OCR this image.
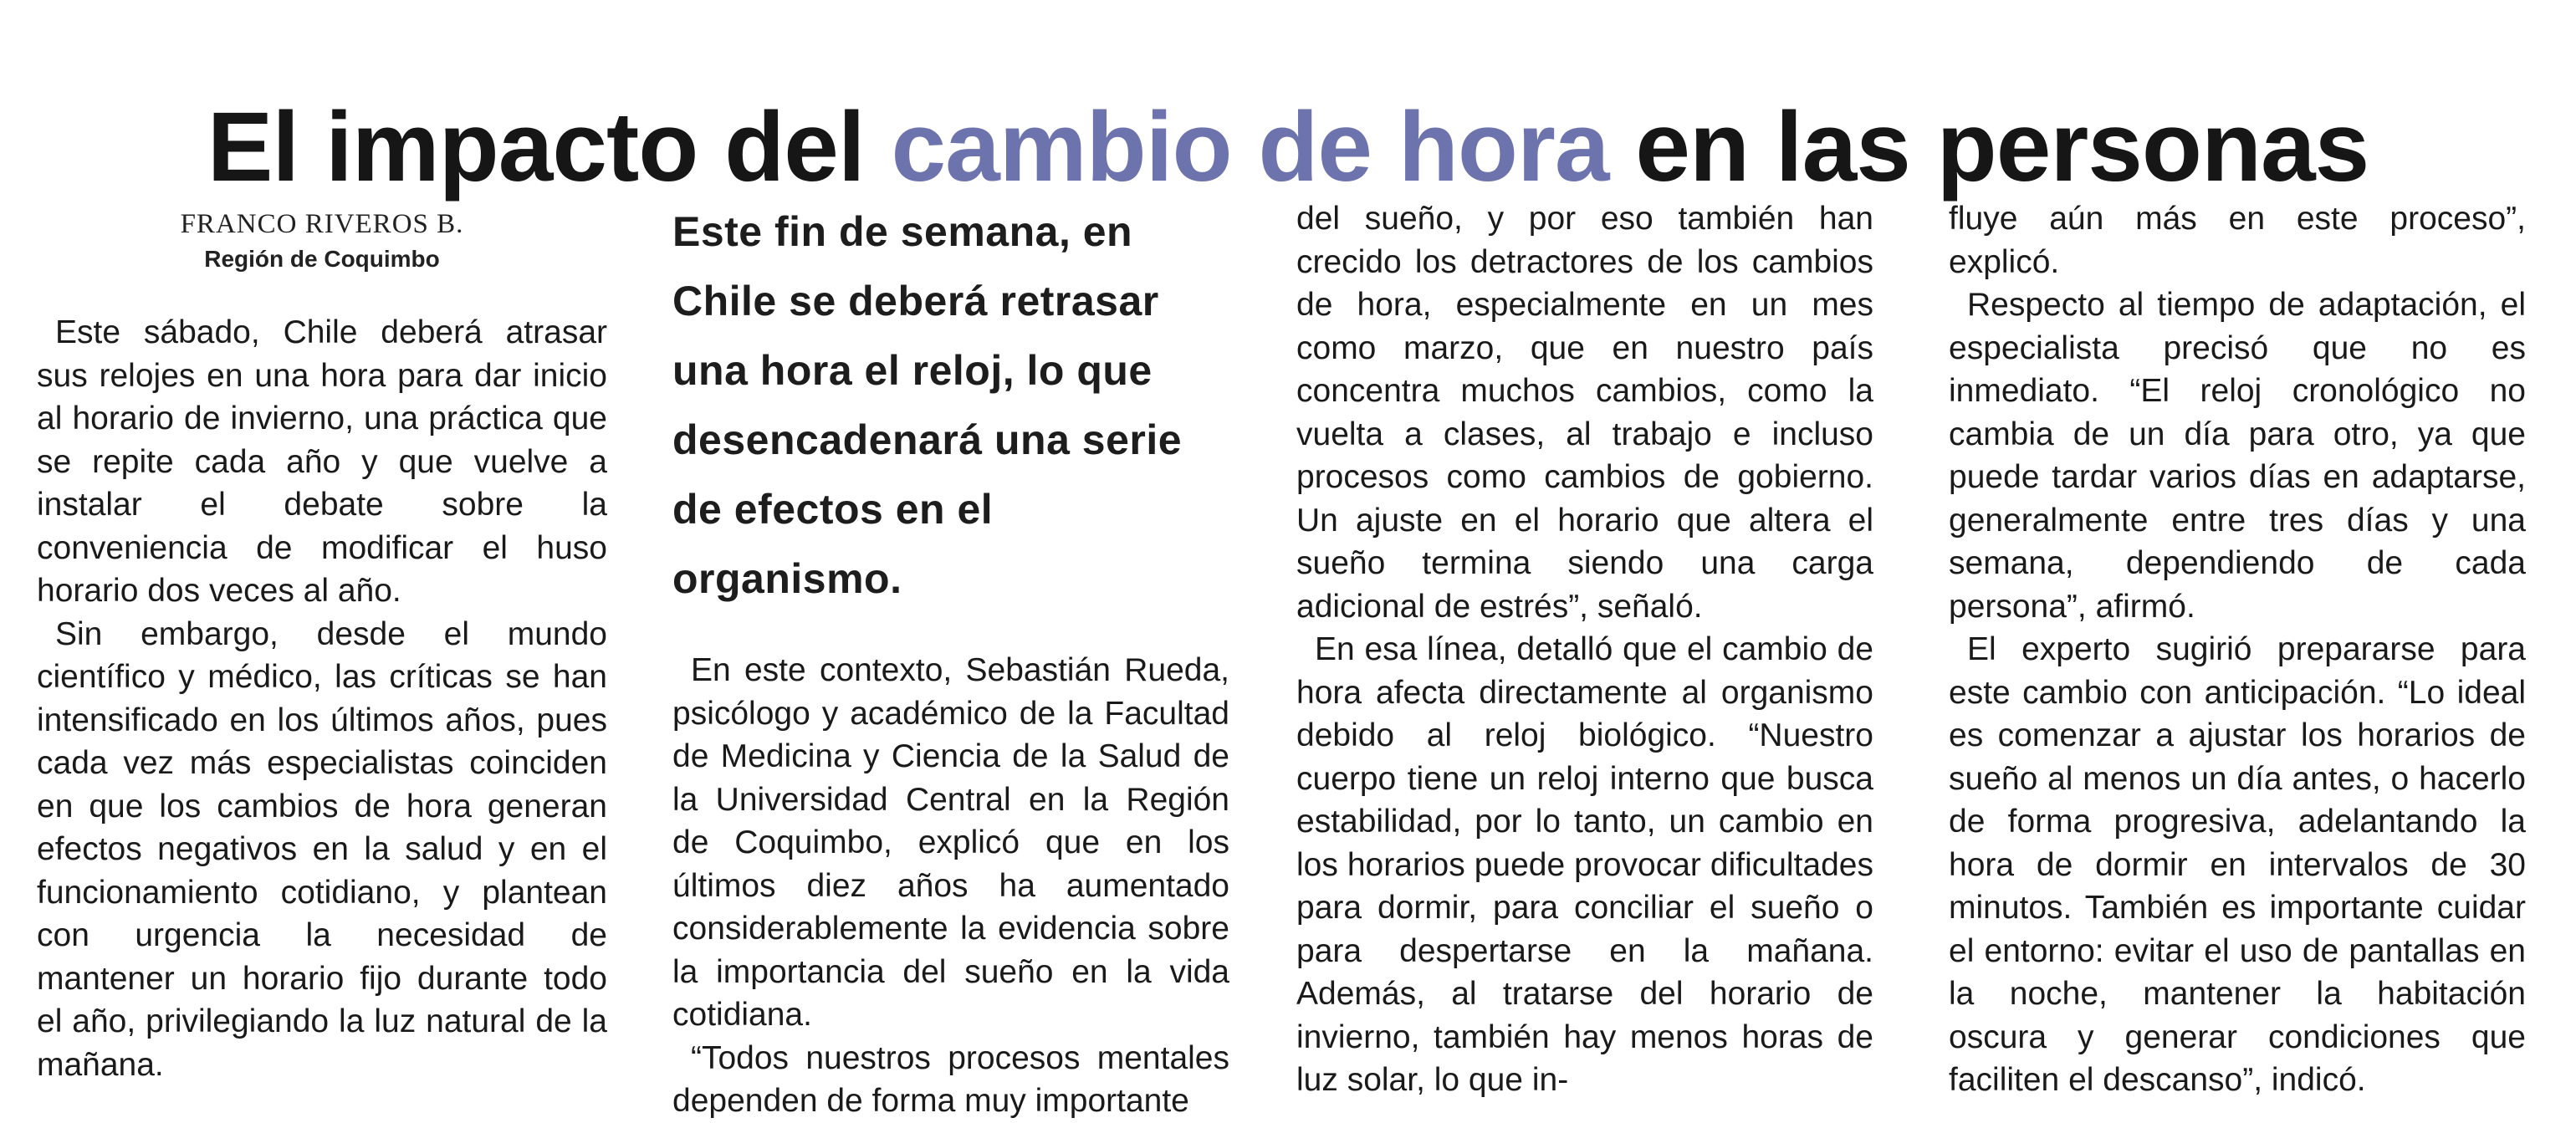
El impacto del cambio de hora en las personas
FRANCO RIVEROS B.
Región de Coquimbo

Este sábado, Chile deberá atrasar sus relojes en una hora para dar inicio al horario de invierno, una práctica que se repite cada año y que vuelve a instalar el debate sobre la conveniencia de modificar el huso horario dos veces al año.

Sin embargo, desde el mundo científico y médico, las críticas se han intensificado en los últimos años, pues cada vez más especialistas coinciden en que los cambios de hora generan efectos negativos en la salud y en el funcionamiento cotidiano, y plantean con urgencia la necesidad de mantener un horario fijo durante todo el año, privilegiando la luz natural de la mañana.

Este fin de semana, en Chile se deberá retrasar una hora el reloj, lo que desencadenará una serie de efectos en el organismo.

En este contexto, Sebastián Rueda, psicólogo y académico de la Facultad de Medicina y Ciencia de la Salud de la Universidad Central en la Región de Coquimbo, explicó que en los últimos diez años ha aumentado considerablemente la evidencia sobre la importancia del sueño en la vida cotidiana.

“Todos nuestros procesos mentales dependen de forma muy importante

del sueño, y por eso también han crecido los detractores de los cambios de hora, especialmente en un mes como marzo, que en nuestro país concentra muchos cambios, como la vuelta a clases, al trabajo e incluso procesos como cambios de gobierno. Un ajuste en el horario que altera el sueño termina siendo una carga adicional de estrés”, señaló.

En esa línea, detalló que el cambio de hora afecta directamente al organismo debido al reloj biológico. “Nuestro cuerpo tiene un reloj interno que busca estabilidad, por lo tanto, un cambio en los horarios puede provocar dificultades para dormir, para conciliar el sueño o para despertarse en la mañana. Además, al tratarse del horario de invierno, también hay menos horas de luz solar, lo que in-

fluye aún más en este proceso”, explicó.

Respecto al tiempo de adaptación, el especialista precisó que no es inmediato. “El reloj cronológico no cambia de un día para otro, ya que puede tardar varios días en adaptarse, generalmente entre tres días y una semana, dependiendo de cada persona”, afirmó.

El experto sugirió prepararse para este cambio con anticipación. “Lo ideal es comenzar a ajustar los horarios de sueño al menos un día antes, o hacerlo de forma progresiva, adelantando la hora de dormir en intervalos de 30 minutos. También es importante cuidar el entorno: evitar el uso de pantallas en la noche, mantener la habitación oscura y generar condiciones que faciliten el descanso”, indicó.
